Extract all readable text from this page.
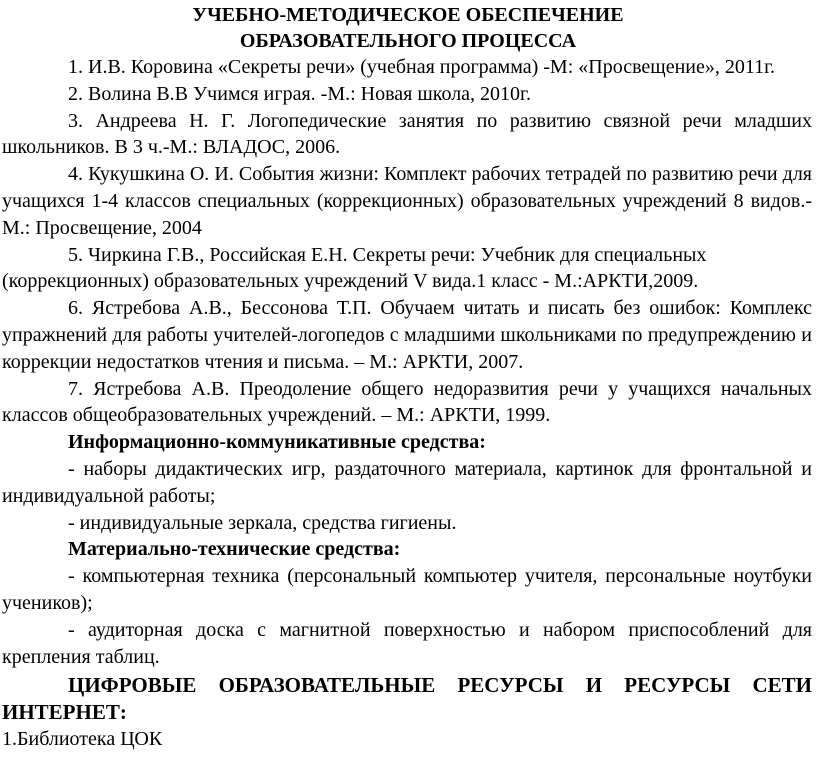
УЧЕБНО-МЕТОДИЧЕСКОЕ ОБЕСПЕЧЕНИЕ

ОБРАЗОВАТЕЛЬНОГО ПРОЦЕССА

1. И.В. Коровина «Секреты речи» (учебная программа) -М: «Просвещение», 2011г.

2. Волина В.В Учимся играя. -М.: Новая школа, 2010г.

3. Андреева Н. Г. Логопедические занятия по развитию связной речи младших школьников. В 3 ч.-М.: ВЛАДОС, 2006.

4. Кукушкина О. И. События жизни: Комплект рабочих тетрадей по развитию речи для учащихся 1-4 классов специальных (коррекционных) образовательных учреждений 8 видов.- М.: Просвещение, 2004

5. Чиркина Г.В., Российская Е.Н. Секреты речи: Учебник для специальных (коррекционных) образовательных учреждений V вида.1 класс - М.:АРКТИ,2009.

6. Ястребова А.В., Бессонова Т.П. Обучаем читать и писать без ошибок: Комплекс упражнений для работы учителей-логопедов с младшими школьниками по предупреждению и коррекции недостатков чтения и письма. – М.: АРКТИ, 2007.

7. Ястребова А.В. Преодоление общего недоразвития речи у учащихся начальных классов общеобразовательных учреждений. – М.: АРКТИ, 1999.

Информационно-коммуникативные средства:

- наборы дидактических игр, раздаточного материала, картинок для фронтальной и индивидуальной работы;

- индивидуальные зеркала, средства гигиены.

Материально-технические средства:

- компьютерная техника (персональный компьютер учителя, персональные ноутбуки учеников);

- аудиторная доска с магнитной поверхностью и набором приспособлений для крепления таблиц.

ЦИФРОВЫЕ ОБРАЗОВАТЕЛЬНЫЕ РЕСУРСЫ И РЕСУРСЫ СЕТИ ИНТЕРНЕТ:

1.Библиотека ЦОК
